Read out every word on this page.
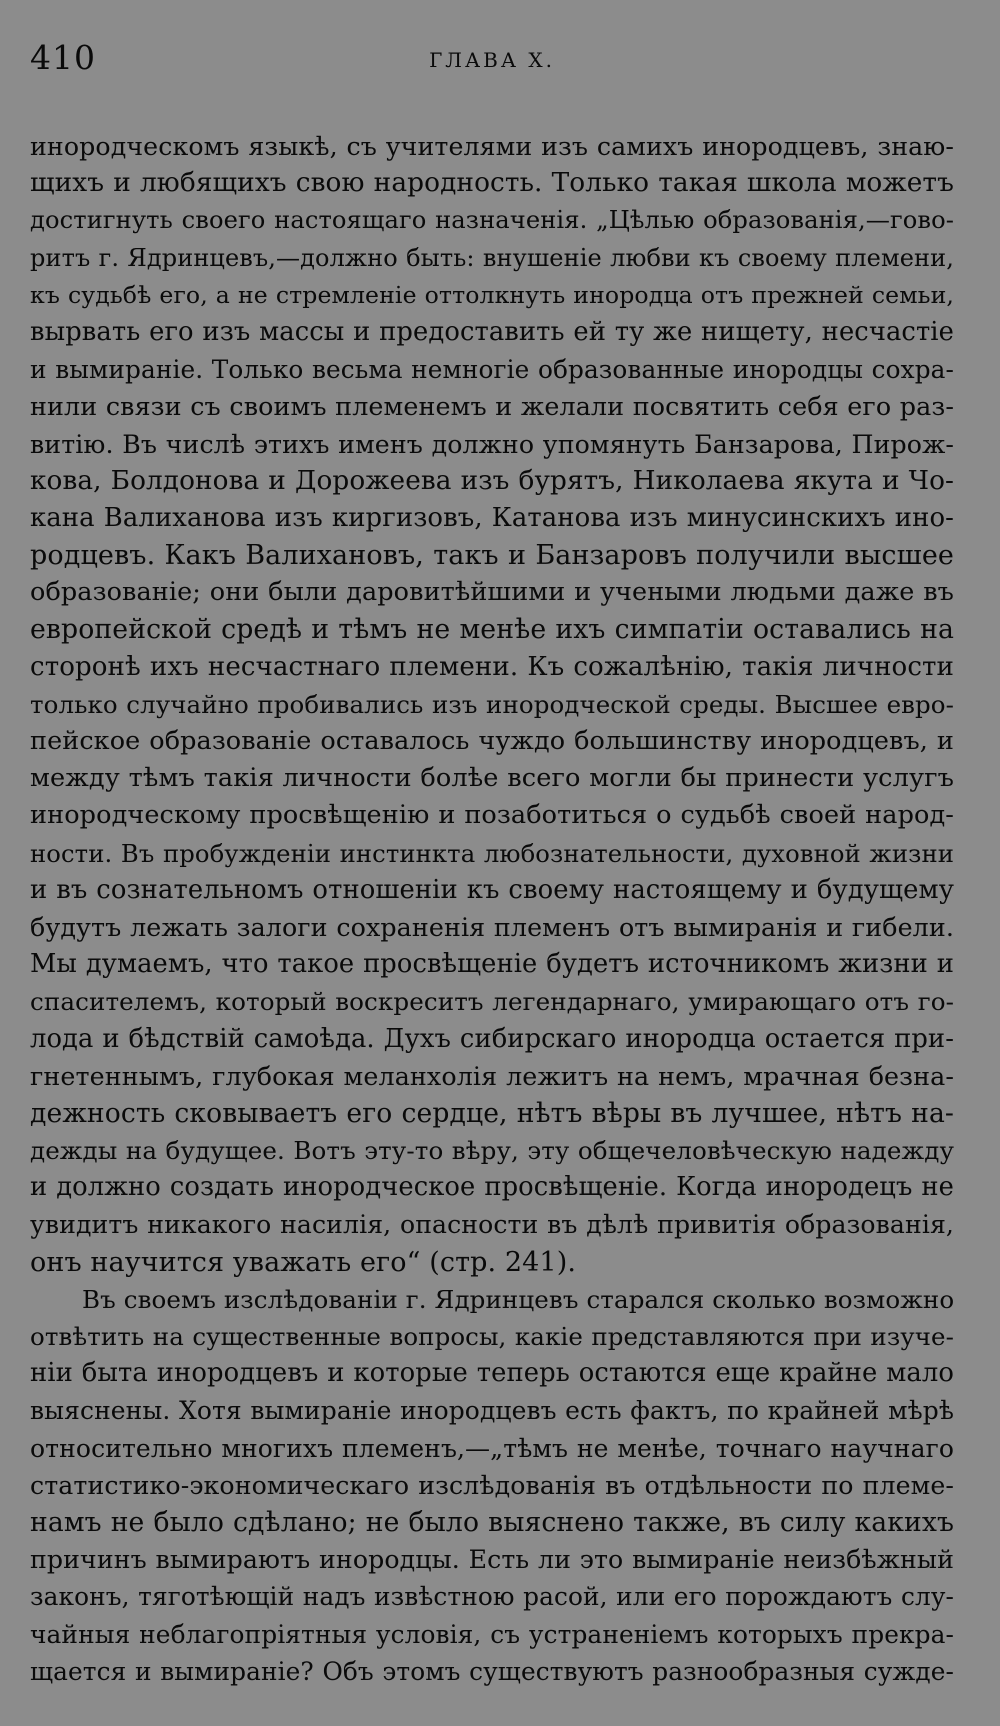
410	ГЛАВА X.
инородческомъ языкѣ, съ учителями изъ самихъ инородцевъ, знаю-
щихъ и любящихъ свою народность. Только такая школа можетъ
достигнуть своего настоящаго назначенія. „Цѣлью образованія,—гово-
ритъ г. Ядринцевъ,—должно быть: внушеніе любви къ своему племени,
къ судьбѣ его, а не стремленіе оттолкнуть инородца отъ прежней семьи,
вырвать его изъ массы и предоставить ей ту же нищету, несчастіе
и вымираніе. Только весьма немногіе образованные инородцы сохра-
нили связи съ своимъ племенемъ и желали посвятить себя его раз-
витію. Въ числѣ этихъ именъ должно упомянуть Банзарова, Пирож-
кова, Болдонова и Дорожеева изъ бурятъ, Николаева якута и Чо-
кана Валиханова изъ киргизовъ, Катанова изъ минусинскихъ ино-
родцевъ. Какъ Валихановъ, такъ и Банзаровъ получили высшее
образованіе; они были даровитѣйшими и учеными людьми даже въ
европейской средѣ и тѣмъ не менѣе ихъ симпатіи оставались на
сторонѣ ихъ несчастнаго племени. Къ сожалѣнію, такія личности
только случайно пробивались изъ инородческой среды. Высшее евро-
пейское образованіе оставалось чуждо большинству инородцевъ, и
между тѣмъ такія личности болѣе всего могли бы принести услугъ
инородческому просвѣщенію и позаботиться о судьбѣ своей народ-
ности. Въ пробужденіи инстинкта любознательности, духовной жизни
и въ сознательномъ отношеніи къ своему настоящему и будущему
будутъ лежать залоги сохраненія племенъ отъ вымиранія и гибели.
Мы думаемъ, что такое просвѣщеніе будетъ источникомъ жизни и
спасителемъ, который воскреситъ легендарнаго, умирающаго отъ го-
лода и бѣдствій самоѣда. Духъ сибирскаго инородца остается при-
гнетеннымъ, глубокая меланхолія лежитъ на немъ, мрачная безна-
дежность сковываетъ его сердце, нѣтъ вѣры въ лучшее, нѣтъ на-
дежды на будущее. Вотъ эту-то вѣру, эту общечеловѣческую надежду
и должно создать инородческое просвѣщеніе. Когда инородецъ не
увидитъ никакого насилія, опасности въ дѣлѣ привитія образованія,
онъ научится уважать его“ (стр. 241).
Въ своемъ изслѣдованіи г. Ядринцевъ старался сколько возможно
отвѣтить на существенные вопросы, какіе представляются при изуче-
ніи быта инородцевъ и которые теперь остаются еще крайне мало
выяснены. Хотя вымираніе инородцевъ есть фактъ, по крайней мѣрѣ
относительно многихъ племенъ,—„тѣмъ не менѣе, точнаго научнаго
статистико-экономическаго изслѣдованія въ отдѣльности по племе-
намъ не было сдѣлано; не было выяснено также, въ силу какихъ
причинъ вымираютъ инородцы. Есть ли это вымираніе неизбѣжный
законъ, тяготѣющій надъ извѣстною расой, или его порождаютъ слу-
чайныя неблагопріятныя условія, съ устраненіемъ которыхъ прекра-
щается и вымираніе? Объ этомъ существуютъ разнообразныя сужде-
